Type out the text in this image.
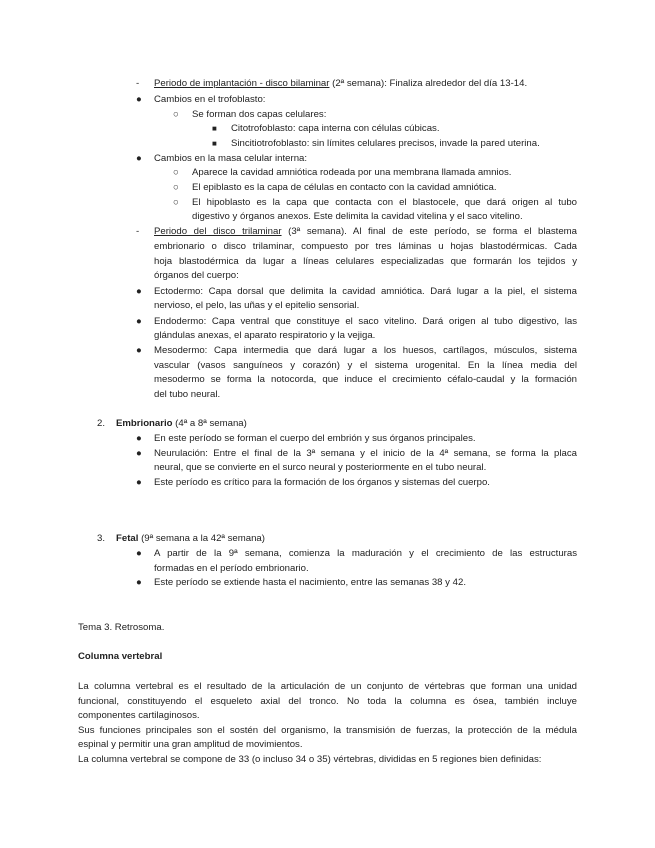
- Periodo de implantación - disco bilaminar (2ª semana): Finaliza alrededor del día 13-14.
● Cambios en el trofoblasto:
○ Se forman dos capas celulares:
■ Citotrofoblasto: capa interna con células cúbicas.
■ Sincitiotrofoblasto: sin límites celulares precisos, invade la pared uterina.
● Cambios en la masa celular interna:
○ Aparece la cavidad amniótica rodeada por una membrana llamada amnios.
○ El epiblasto es la capa de células en contacto con la cavidad amniótica.
○ El hipoblasto es la capa que contacta con el blastocele, que dará origen al tubo
digestivo y órganos anexos. Este delimita la cavidad vitelina y el saco vitelino.
- Periodo del disco trilaminar (3ª semana). Al final de este período, se forma el blastema
embrionario o disco trilaminar, compuesto por tres láminas u hojas blastodérmicas. Cada
hoja blastodérmica da lugar a líneas celulares especializadas que formarán los tejidos y
órganos del cuerpo:
● Ectodermo: Capa dorsal que delimita la cavidad amniótica. Dará lugar a la piel, el sistema
nervioso, el pelo, las uñas y el epitelio sensorial.
● Endodermo: Capa ventral que constituye el saco vitelino. Dará origen al tubo digestivo, las
glándulas anexas, el aparato respiratorio y la vejiga.
● Mesodermo: Capa intermedia que dará lugar a los huesos, cartílagos, músculos, sistema
vascular (vasos sanguíneos y corazón) y el sistema urogenital. En la línea media del
mesodermo se forma la notocorda, que induce el crecimiento céfalo-caudal y la formación
del tubo neural.
2. Embrionario (4ª a 8ª semana)
● En este período se forman el cuerpo del embrión y sus órganos principales.
● Neurulación: Entre el final de la 3ª semana y el inicio de la 4ª semana, se forma la placa
neural, que se convierte en el surco neural y posteriormente en el tubo neural.
● Este período es crítico para la formación de los órganos y sistemas del cuerpo.
3. Fetal (9ª semana a la 42ª semana)
● A partir de la 9ª semana, comienza la maduración y el crecimiento de las estructuras
formadas en el período embrionario.
● Este período se extiende hasta el nacimiento, entre las semanas 38 y 42.
Tema 3. Retrosoma.
Columna vertebral
La columna vertebral es el resultado de la articulación de un conjunto de vértebras que forman una unidad
funcional, constituyendo el esqueleto axial del tronco. No toda la columna es ósea, también incluye
componentes cartilaginosos.
Sus funciones principales son el sostén del organismo, la transmisión de fuerzas, la protección de la médula
espinal y permitir una gran amplitud de movimientos.
La columna vertebral se compone de 33 (o incluso 34 o 35) vértebras, divididas en 5 regiones bien definidas:
